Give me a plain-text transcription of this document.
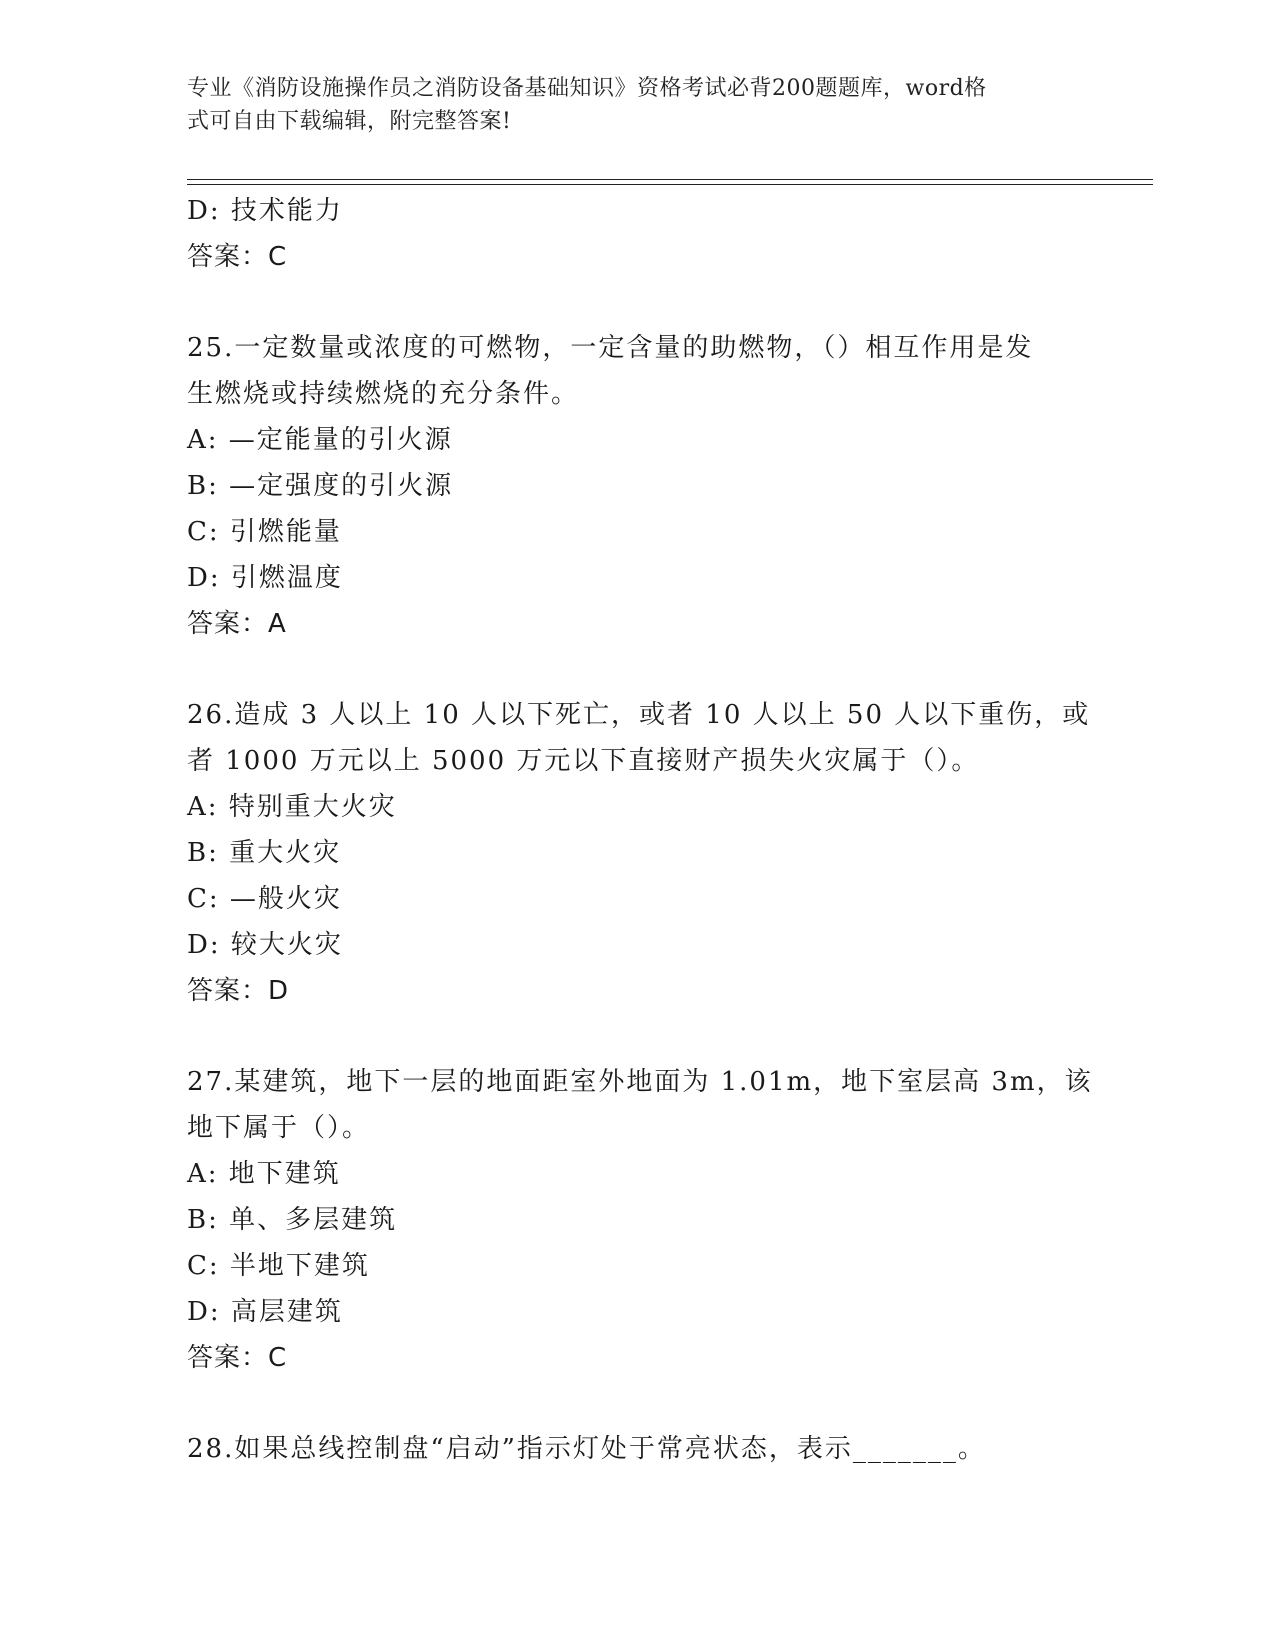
专业《消防设施操作员之消防设备基础知识》资格考试必背200题题库，word格
式可自由下载编辑，附完整答案!
D: 技术能力
答案：C
25.一定数量或浓度的可燃物，一定含量的助燃物，（）相互作用是发
生燃烧或持续燃烧的充分条件。
A: —定能量的引火源
B: —定强度的引火源
C: 引燃能量
D: 引燃温度
答案：A
26.造成 3 人以上 10 人以下死亡，或者 10 人以上 50 人以下重伤，或
者 1000 万元以上 5000 万元以下直接财产损失火灾属于（）。
A: 特别重大火灾
B: 重大火灾
C: —般火灾
D: 较大火灾
答案：D
27.某建筑，地下一层的地面距室外地面为 1.01m，地下室层高 3m，该
地下属于（）。
A: 地下建筑
B: 单、多层建筑
C: 半地下建筑
D: 高层建筑
答案：C
28.如果总线控制盘“启动”指示灯处于常亮状态，表示_______。
